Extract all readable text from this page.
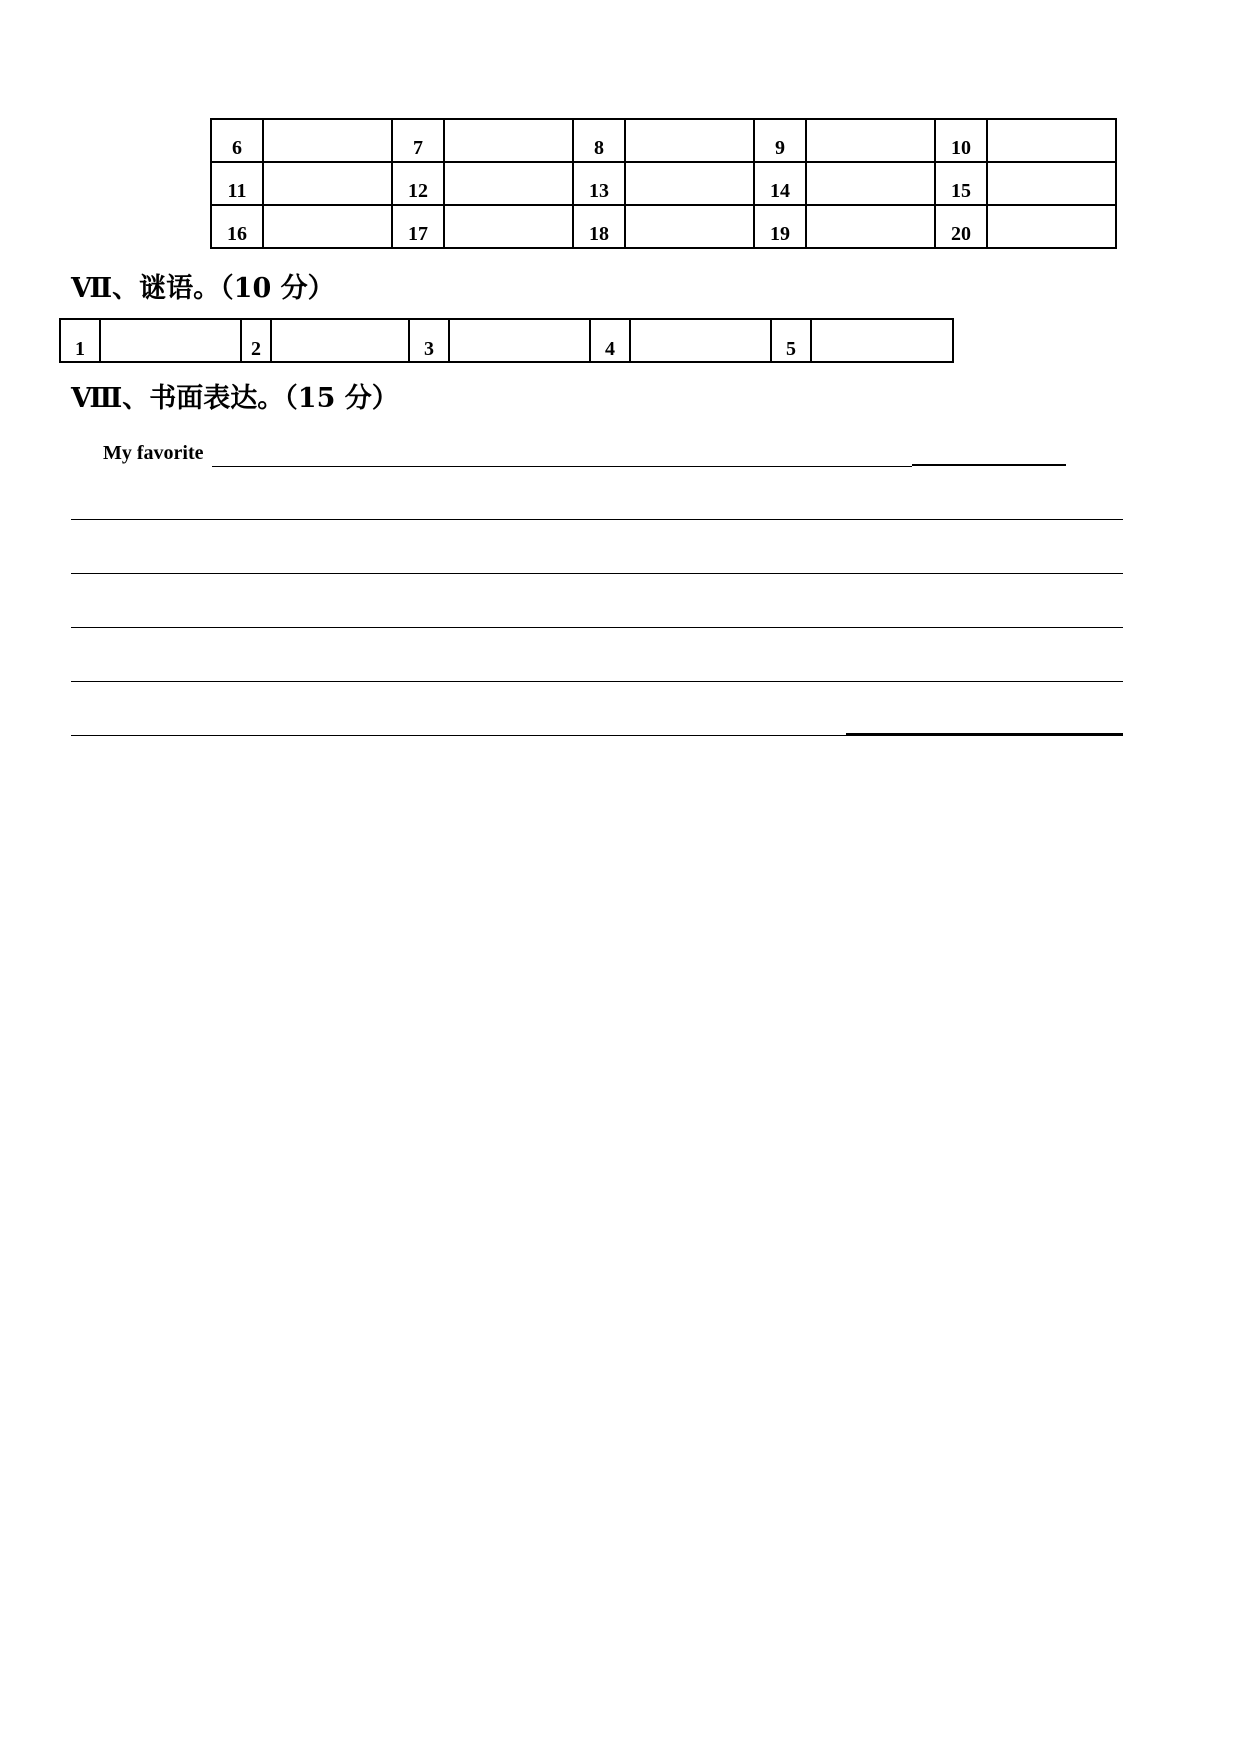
6		7		8		9		10	
11		12		13		14		15	
16		17		18		19		20	
Ⅶ、谜语。（10 分）
1		2		3		4		5	
Ⅷ、书面表达。（15 分）
My favorite
